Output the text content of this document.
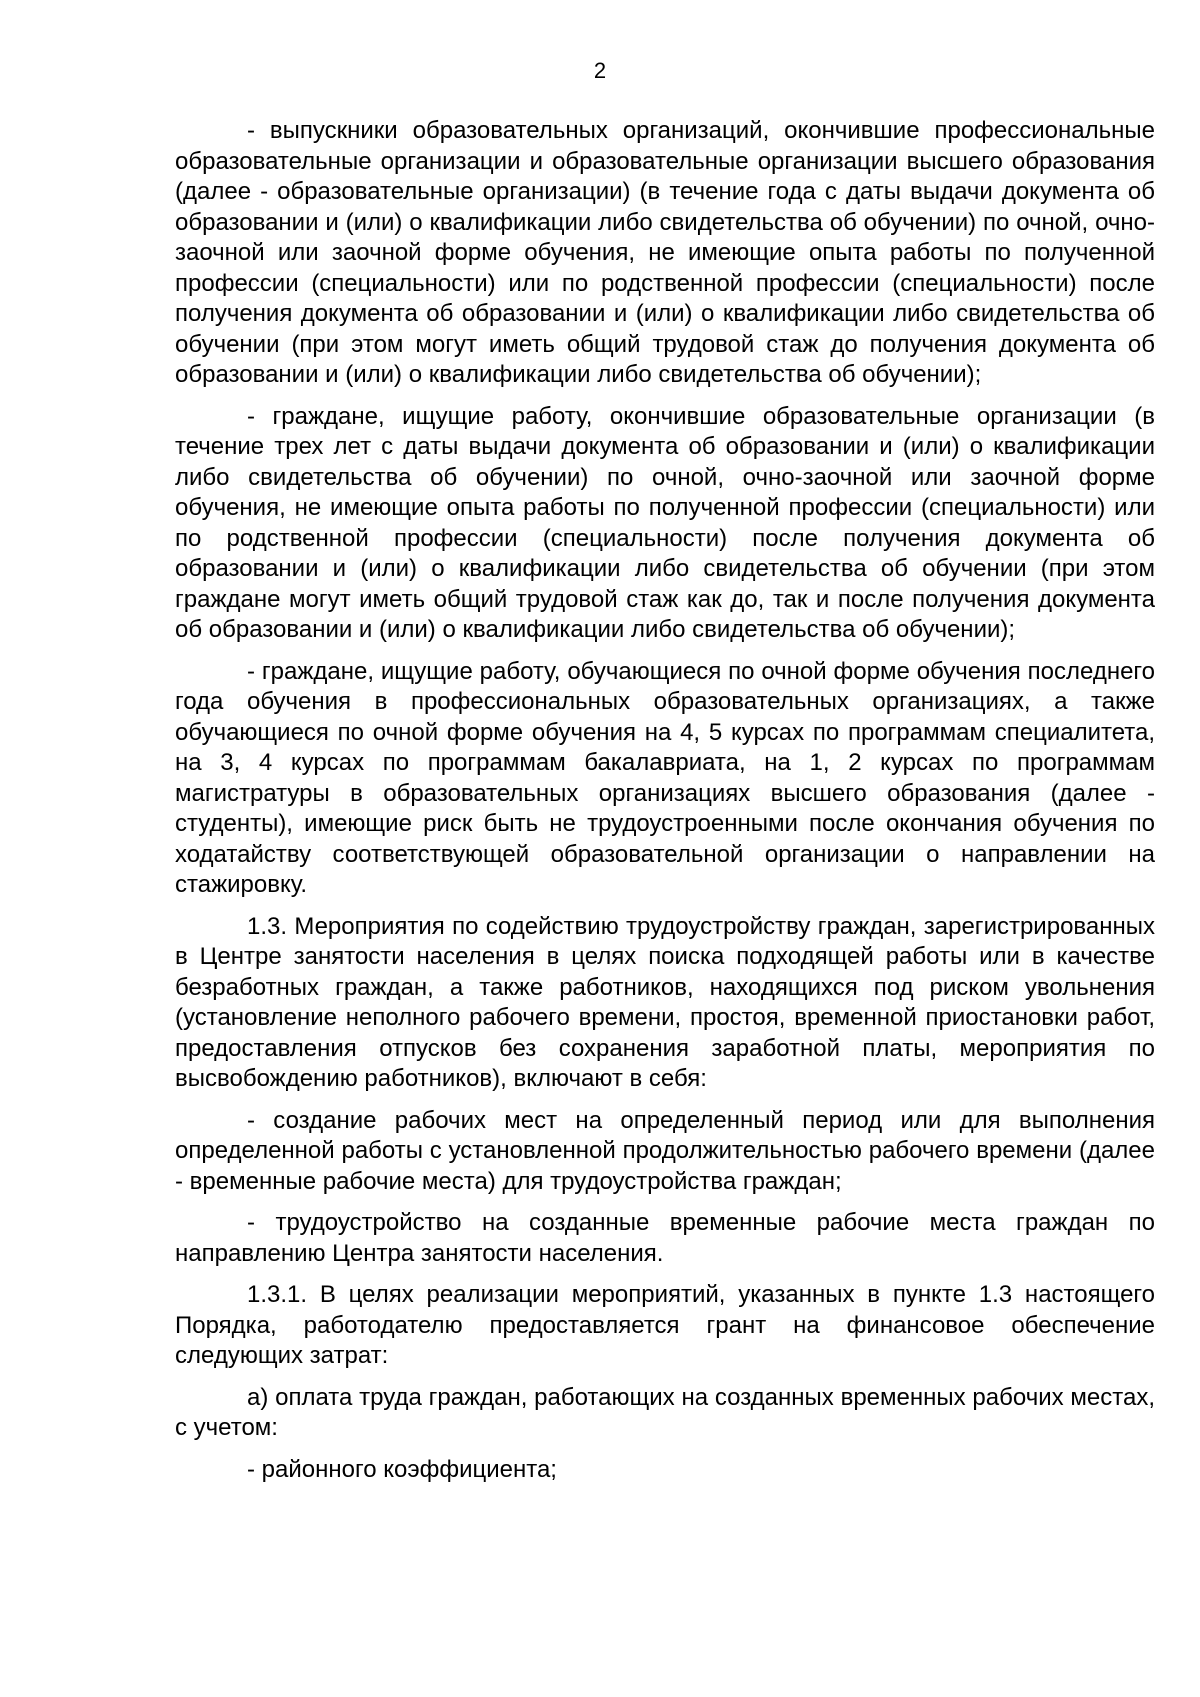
2

- выпускники образовательных организаций, окончившие профессиональные образовательные организации и образовательные организации высшего образования (далее - образовательные организации) (в течение года с даты выдачи документа об образовании и (или) о квалификации либо свидетельства об обучении) по очной, очно-заочной или заочной форме обучения, не имеющие опыта работы по полученной профессии (специальности) или по родственной профессии (специальности) после получения документа об образовании и (или) о квалификации либо свидетельства об обучении (при этом могут иметь общий трудовой стаж до получения документа об образовании и (или) о квалификации либо свидетельства об обучении);

- граждане, ищущие работу, окончившие образовательные организации (в течение трех лет с даты выдачи документа об образовании и (или) о квалификации либо свидетельства об обучении) по очной, очно-заочной или заочной форме обучения, не имеющие опыта работы по полученной профессии (специальности) или по родственной профессии (специальности) после получения документа об образовании и (или) о квалификации либо свидетельства об обучении (при этом граждане могут иметь общий трудовой стаж как до, так и после получения документа об образовании и (или) о квалификации либо свидетельства об обучении);

- граждане, ищущие работу, обучающиеся по очной форме обучения последнего года обучения в профессиональных образовательных организациях, а также обучающиеся по очной форме обучения на 4, 5 курсах по программам специалитета, на 3, 4 курсах по программам бакалавриата, на 1, 2 курсах по программам магистратуры в образовательных организациях высшего образования (далее - студенты), имеющие риск быть не трудоустроенными после окончания обучения по ходатайству соответствующей образовательной организации о направлении на стажировку.

1.3. Мероприятия по содействию трудоустройству граждан, зарегистрированных в Центре занятости населения в целях поиска подходящей работы или в качестве безработных граждан, а также работников, находящихся под риском увольнения (установление неполного рабочего времени, простоя, временной приостановки работ, предоставления отпусков без сохранения заработной платы, мероприятия по высвобождению работников), включают в себя:

- создание рабочих мест на определенный период или для выполнения определенной работы с установленной продолжительностью рабочего времени (далее - временные рабочие места) для трудоустройства граждан;

- трудоустройство на созданные временные рабочие места граждан по направлению Центра занятости населения.

1.3.1. В целях реализации мероприятий, указанных в пункте 1.3 настоящего Порядка, работодателю предоставляется грант на финансовое обеспечение следующих затрат:

а) оплата труда граждан, работающих на созданных временных рабочих местах, с учетом:

- районного коэффициента;
